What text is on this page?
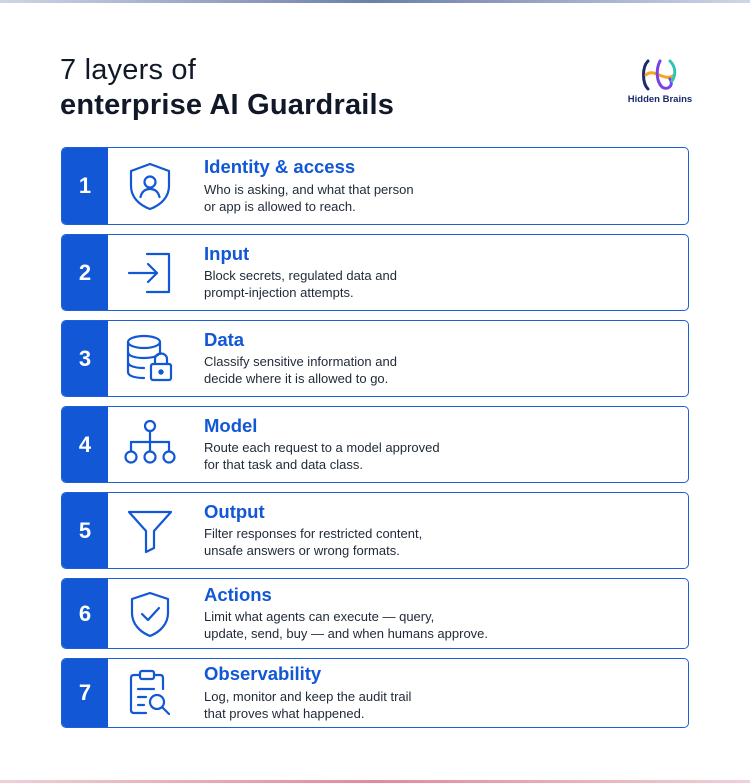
7 layers of
enterprise AI Guardrails	Hidden Brains
1
Identity & access
Who is asking, and what that person
or app is allowed to reach.
2
Input
Block secrets, regulated data and
prompt-injection attempts.
3
Data
Classify sensitive information and
decide where it is allowed to go.
4
Model
Route each request to a model approved
for that task and data class.
5
Output
Filter responses for restricted content,
unsafe answers or wrong formats.
6
Actions
Limit what agents can execute — query,
update, send, buy — and when humans approve.
7
Observability
Log, monitor and keep the audit trail
that proves what happened.
